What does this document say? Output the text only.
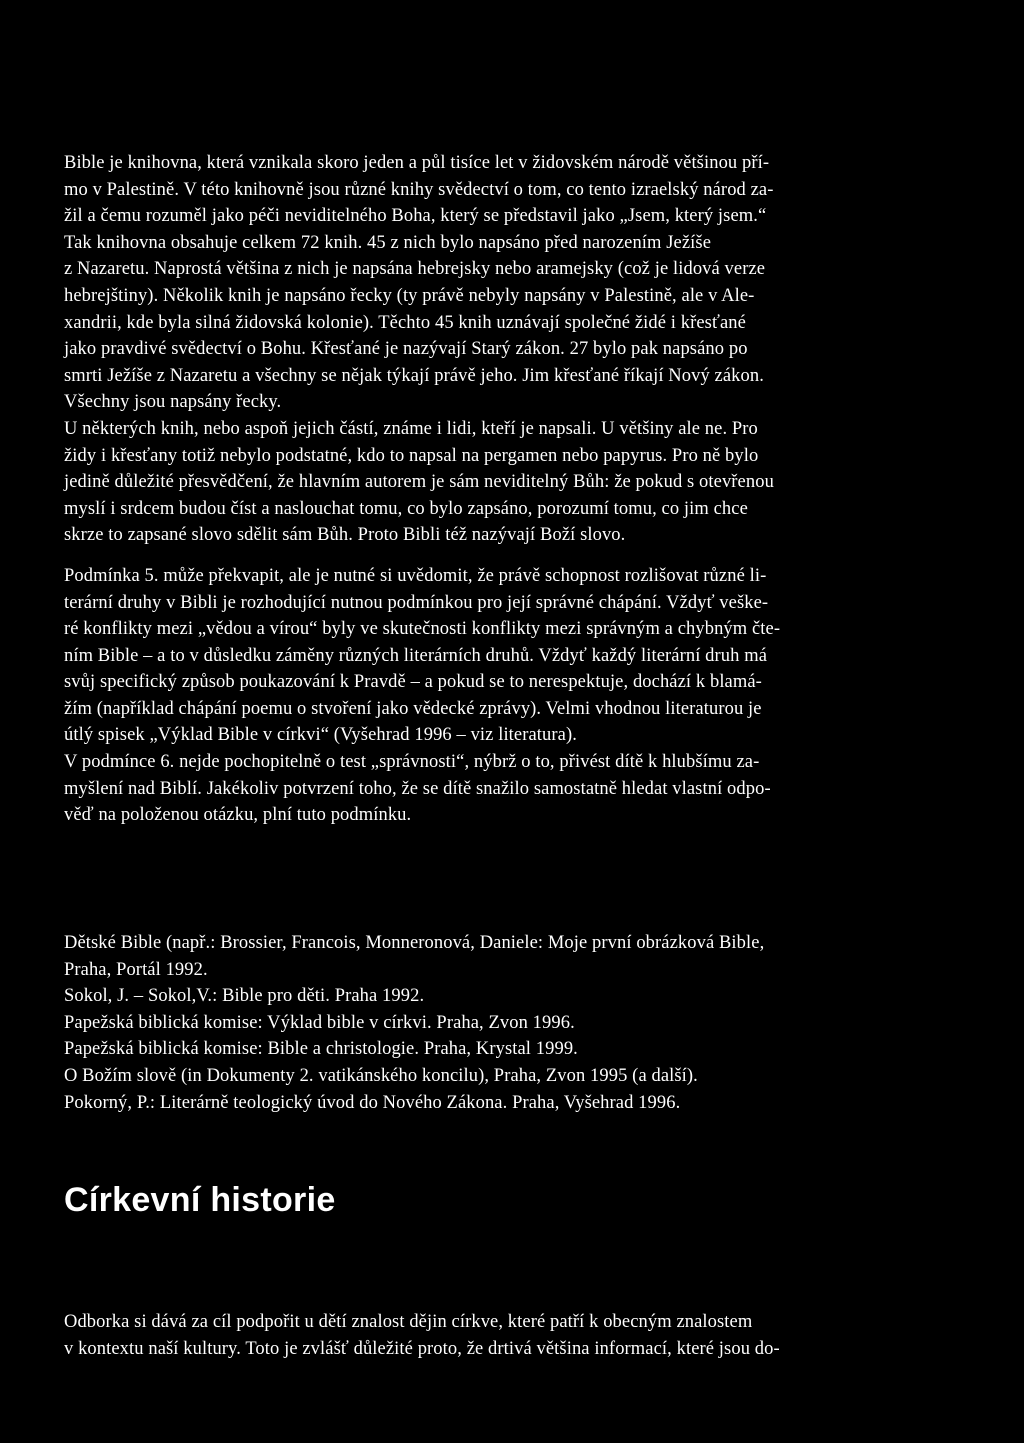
Bible je knihovna, která vznikala skoro jeden a půl tisíce let v židovském národě většinou pří-
mo v Palestině. V této knihovně jsou různé knihy svědectví o tom, co tento izraelský národ za-
žil a čemu rozuměl jako péči neviditelného Boha, který se představil jako „Jsem, který jsem.“
Tak knihovna obsahuje celkem 72 knih. 45 z nich bylo napsáno před narozením Ježíše
z Nazaretu. Naprostá většina z nich je napsána hebrejsky nebo aramejsky (což je lidová verze
hebrejštiny). Několik knih je napsáno řecky (ty právě nebyly napsány v Palestině, ale v Ale-
xandrii, kde byla silná židovská kolonie). Těchto 45 knih uznávají společné židé i křesťané
jako pravdivé svědectví o Bohu. Křesťané je nazývají Starý zákon. 27 bylo pak napsáno po
smrti Ježíše z Nazaretu a všechny se nějak týkají právě jeho. Jim křesťané říkají Nový zákon.
Všechny jsou napsány řecky.
U některých knih, nebo aspoň jejich částí, známe i lidi, kteří je napsali. U většiny ale ne. Pro
židy i křesťany totiž nebylo podstatné, kdo to napsal na pergamen nebo papyrus. Pro ně bylo
jedině důležité přesvědčení, že hlavním autorem je sám neviditelný Bůh: že pokud s otevřenou
myslí i srdcem budou číst a naslouchat tomu, co bylo zapsáno, porozumí tomu, co jim chce
skrze to zapsané slovo sdělit sám Bůh. Proto Bibli též nazývají Boží slovo.
Podmínka 5. může překvapit, ale je nutné si uvědomit, že právě schopnost rozlišovat různé li-
terární druhy v Bibli je rozhodující nutnou podmínkou pro její správné chápání. Vždyť veške-
ré konflikty mezi „vědou a vírou“ byly ve skutečnosti konflikty mezi správným a chybným čte-
ním Bible – a to v důsledku záměny různých literárních druhů. Vždyť každý literární druh má
svůj specifický způsob poukazování k Pravdě – a pokud se to nerespektuje, dochází k blamá-
žím (například chápání poemu o stvoření jako vědecké zprávy). Velmi vhodnou literaturou je
útlý spisek „Výklad Bible v církvi“ (Vyšehrad 1996 – viz literatura).
V podmínce 6. nejde pochopitelně o test „správnosti“, nýbrž o to, přivést dítě k hlubšímu za-
myšlení nad Biblí. Jakékoliv potvrzení toho, že se dítě snažilo samostatně hledat vlastní odpo-
věď na položenou otázku, plní tuto podmínku.
Dětské Bible (např.: Brossier, Francois, Monneronová, Daniele: Moje první obrázková Bible,
Praha, Portál 1992.
Sokol, J. – Sokol,V.: Bible pro děti. Praha 1992.
Papežská biblická komise: Výklad bible v církvi. Praha, Zvon 1996.
Papežská biblická komise: Bible a christologie. Praha, Krystal 1999.
O Božím slově (in Dokumenty 2. vatikánského koncilu), Praha, Zvon 1995 (a další).
Pokorný, P.: Literárně teologický úvod do Nového Zákona. Praha, Vyšehrad 1996.
Církevní historie
Odborka si dává za cíl podpořit u dětí znalost dějin církve, které patří k obecným znalostem
v kontextu naší kultury. Toto je zvlášť důležité proto, že drtivá většina informací, které jsou do-
